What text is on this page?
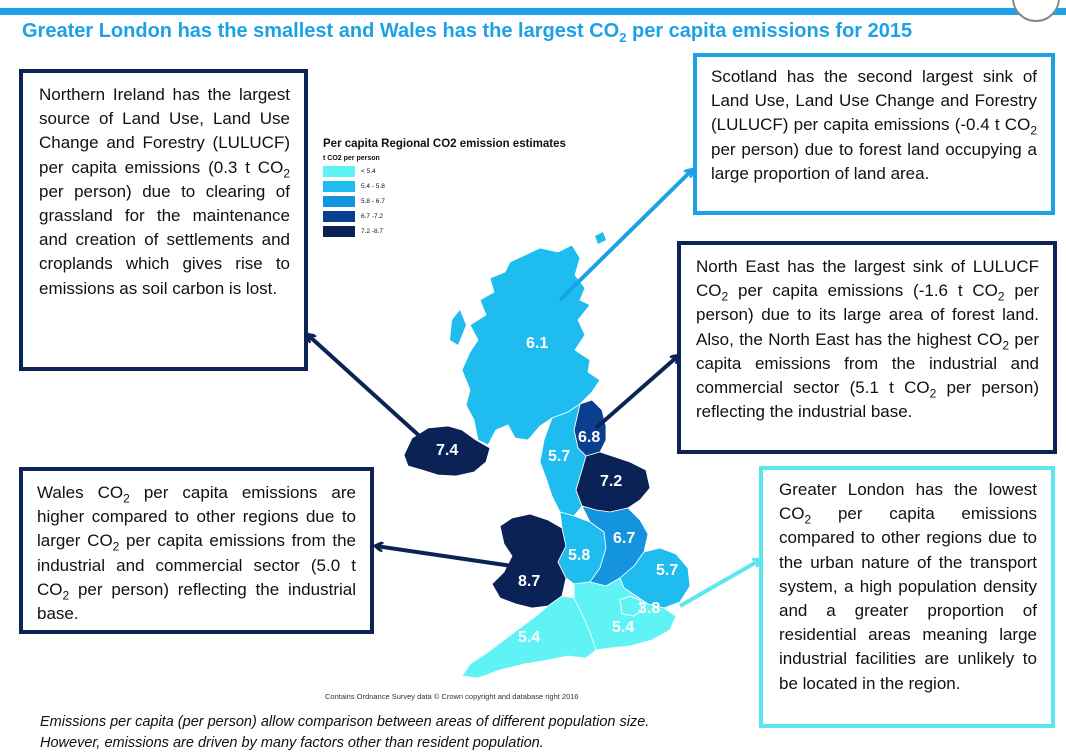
Greater London has the smallest and Wales has the largest $CO_2$ per capita emissions for 2015
7.4
6.1
6.8
5.7
7.2
8.7
5.8
6.7
5.7
3.8
5.4
5.4
Per capita Regional CO2 emission estimates
t CO2 per person
< 5.4
5.4 - 5.8
5.8 - 6.7
6.7 -7.2
7.2 -8.7
Northern Ireland has the largest source of Land Use, Land Use Change and Forestry (LULUCF) per capita emissions (0.3 t $CO_2$ per person) due to clearing of grassland for the maintenance and creation of settlements and croplands which gives rise to emissions as soil carbon is lost.
Scotland has the second largest sink of Land Use, Land Use Change and Forestry (LULUCF) per capita emissions (-0.4 t $CO_2$ per person) due to forest land occupying a large proportion of land area.
North East has the largest sink of LULUCF $CO_2$ per capita emissions (-1.6 t $CO_2$ per person) due to its large area of forest land. Also, the North East has the highest $CO_2$ per capita emissions from the industrial and commercial sector (5.1 t $CO_2$ per person) reflecting the industrial base.
Wales $CO_2$ per capita emissions are higher compared to other regions due to larger $CO_2$ per capita emissions from the industrial and commercial sector (5.0 t $CO_2$ per person) reflecting the industrial base.
Greater London has the lowest $CO_2$ per capita emissions compared to other regions due to the urban nature of the transport system, a high population density and a greater proportion of residential areas meaning large industrial facilities are unlikely to be located in the region.
Contains Ordnance Survey data © Crown copyright and database right 2016
Emissions per capita (per person) allow comparison between areas of different population size.
However, emissions are driven by many factors other than resident population.
